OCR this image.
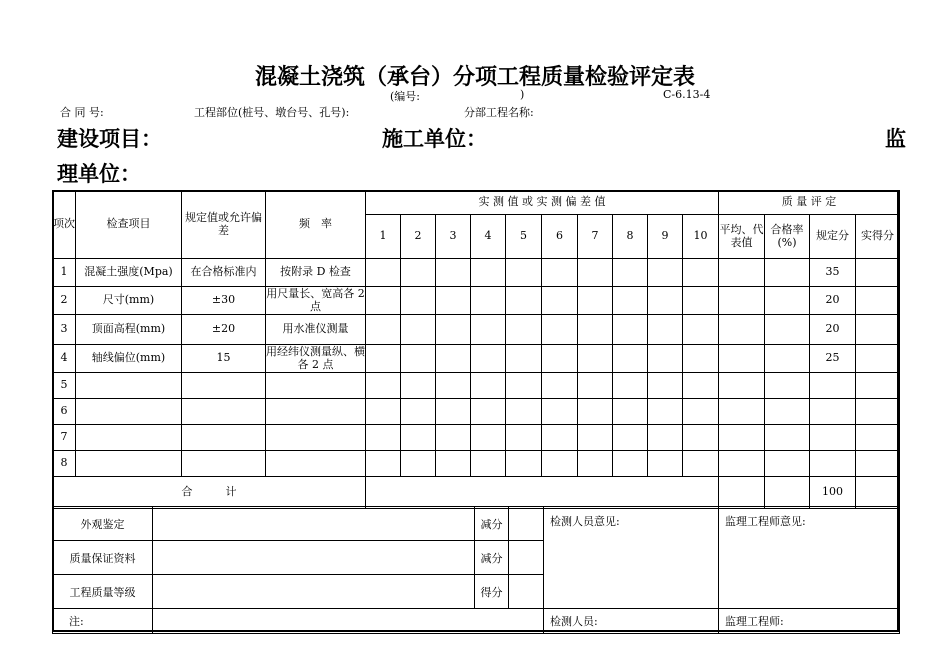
混凝土浇筑（承台）分项工程质量检验评定表
(编号:	)	C-6.13-4
合 同 号:	工程部位(桩号、墩台号、孔号):	分部工程名称:
建设项目：	施工单位：	监
理单位：
项次	检查项目	规定值或允许偏差	频　率	实 测 值 或 实 测 偏 差 值										质 量 评 定			
				1	2	3	4	5	6	7	8	9	10	平均、代表值	合格率(%)	规定分	实得分
1	混凝土强度(Mpa)	在合格标准内	按附录 D 检查													35	
2	尺寸(mm)	±30	用尺量长、宽高各 2 点													20	
3	顶面高程(mm)	±20	用水准仪测量													20	
4	轴线偏位(mm)	15	用经纬仪测量纵、横各 2 点													25	
5																	
6																	
7																	
8																	
合　　　计																100	
外观鉴定		减分		检测人员意见:	监理工程师意见:
质量保证资料		减分			
工程质量等级		得分			
注:				检测人员:	监理工程师:
